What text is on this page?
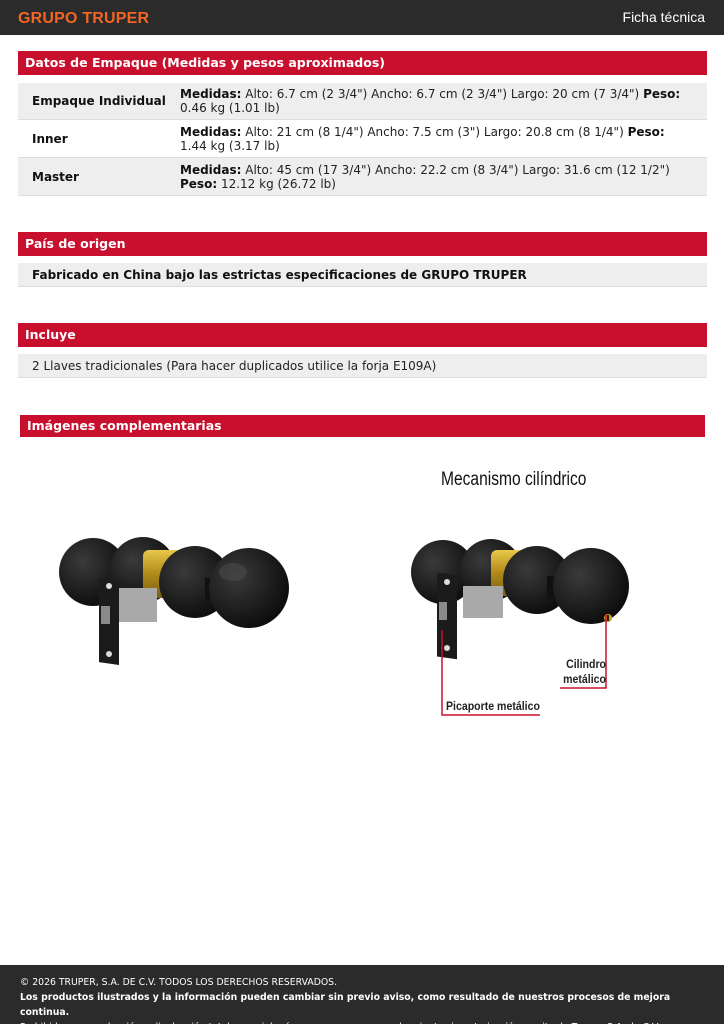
GRUPO TRUPER	Ficha técnica
Datos de Empaque (Medidas y pesos aproximados)
Empaque Individual	Medidas: Alto: 6.7 cm (2 3/4") Ancho: 6.7 cm (2 3/4") Largo: 20 cm (7 3/4") Peso: 0.46 kg (1.01 lb)
Inner	Medidas: Alto: 21 cm (8 1/4") Ancho: 7.5 cm (3") Largo: 20.8 cm (8 1/4") Peso: 1.44 kg (3.17 lb)
Master	Medidas: Alto: 45 cm (17 3/4") Ancho: 22.2 cm (8 3/4") Largo: 31.6 cm (12 1/2") Peso: 12.12 kg (26.72 lb)
País de origen
Fabricado en China bajo las estrictas especificaciones de GRUPO TRUPER
Incluye
2 Llaves tradicionales (Para hacer duplicados utilice la forja E109A)
Imágenes complementarias
Mecanismo cilíndrico
Cilindro
metálico
Picaporte metálico
© 2026 TRUPER, S.A. DE C.V. TODOS LOS DERECHOS RESERVADOS.
Los productos ilustrados y la información pueden cambiar sin previo aviso, como resultado de nuestros procesos de mejora continua.
Prohibida su reproducción o divulgación total o parcial así como su uso o aprovechamiento sin autorización escrita de Truper, S.A. de C.V.
